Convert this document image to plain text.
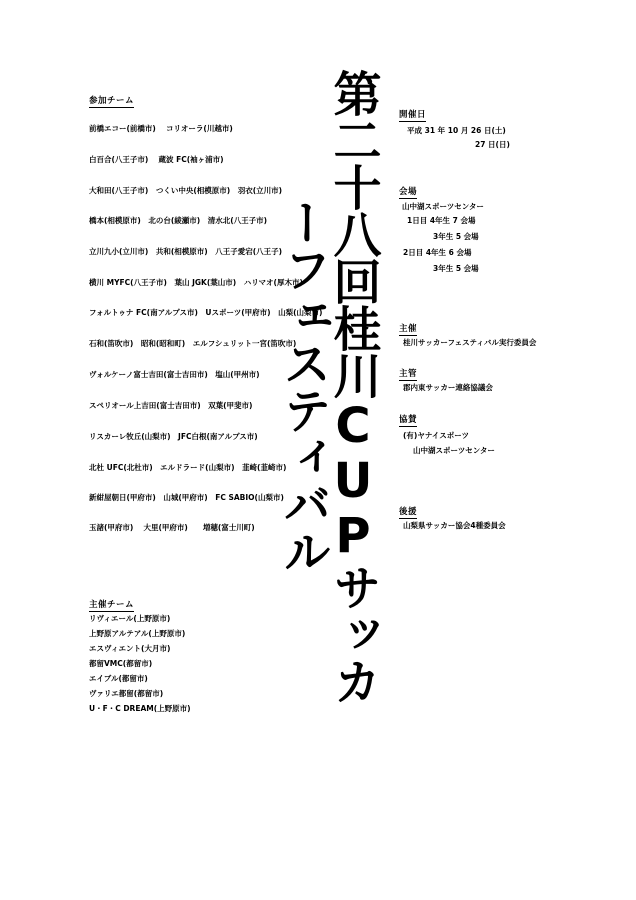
参加チーム
前橋エコー(前橋市)　 コリオーラ(川越市)
白百合(八王子市)　 蔵波 FC(袖ヶ浦市)
大和田(八王子市)　つくい中央(相模原市)　羽衣(立川市)
橋本(相模原市)　北の台(綾瀬市)　清水北(八王子市)
立川九小(立川市)　共和(相模原市)　八王子愛宕(八王子)
横川 MYFC(八王子市)　葉山 JGK(葉山市)　ハリマオ(厚木市)
フォルトゥナ FC(南アルプス市)　Uスポーツ(甲府市)　山梨(山梨市)
石和(笛吹市)　昭和(昭和町)　エルフシュリット一宮(笛吹市)
ヴォルケーノ富士吉田(富士吉田市)　塩山(甲州市)
スペリオール上吉田(富士吉田市)　双葉(甲斐市)
リスカーレ牧丘(山梨市)　JFC白根(南アルプス市)
北杜 UFC(北杜市)　エルドラード(山梨市)　韮崎(韮崎市)
新紺屋朝日(甲府市)　山城(甲府市)　FC SABIO(山梨市)
玉諸(甲府市)　 大里(甲府市)　　増穂(富士川町)
主催チーム
リヴィエール(上野原市)
上野原アルテアル(上野原市)
エスヴィエント(大月市)
都留VMC(都留市)
エイブル(都留市)
ヴァリエ都留(都留市)
U・F・C DREAM(上野原市)
第二十八回桂川CUPサッカーフェスティバル
開催日
平成 31 年 10 月 26 日(土)
27 日(日)
会場
山中湖スポーツセンター
1日目 4年生 7 会場
3年生 5 会場
2日目 4年生 6 会場
3年生 5 会場
主催
桂川サッカーフェスティバル実行委員会
主管
郡内東サッカー連絡協議会
協賛
(有)ヤナイスポーツ
山中湖スポーツセンター
後援
山梨県サッカー協会4種委員会
